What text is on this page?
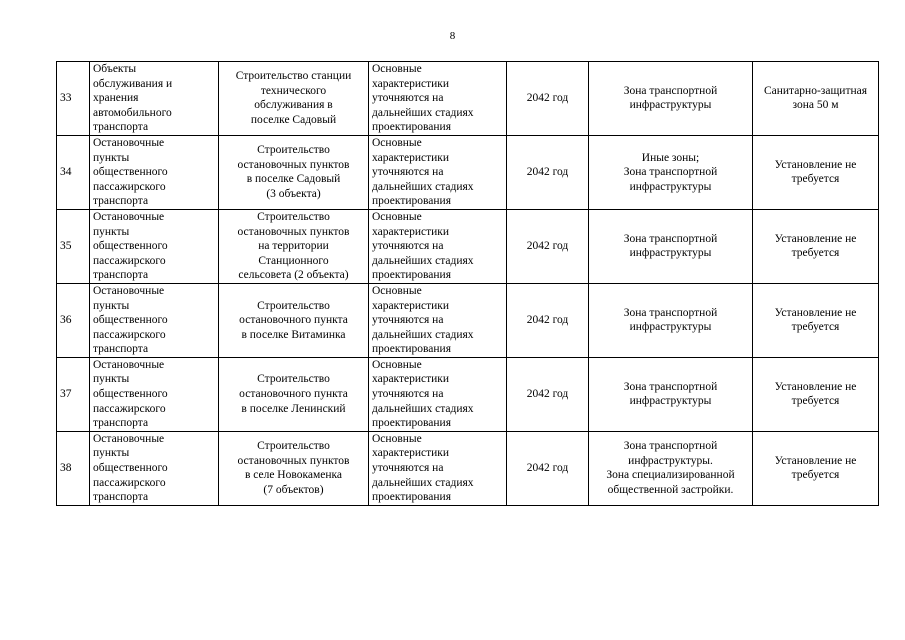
8
33	Объекты
обслуживания и
хранения
автомобильного
транспорта	Строительство станции
технического
обслуживания в
поселке Садовый	Основные
характеристики
уточняются на
дальнейших стадиях
проектирования	2042 год	Зона транспортной
инфраструктуры	Санитарно-защитная
зона 50 м

34	Остановочные
пункты
общественного
пассажирского
транспорта	Строительство
остановочных пунктов
в поселке Садовый
(3 объекта)	Основные
характеристики
уточняются на
дальнейших стадиях
проектирования	2042 год	Иные зоны;
Зона транспортной
инфраструктуры	Установление не
требуется

35	Остановочные
пункты
общественного
пассажирского
транспорта	Строительство
остановочных пунктов
на территории
Станционного
сельсовета (2 объекта)	Основные
характеристики
уточняются на
дальнейших стадиях
проектирования	2042 год	Зона транспортной
инфраструктуры	Установление не
требуется

36	Остановочные
пункты
общественного
пассажирского
транспорта	Строительство
остановочного пункта
в поселке Витаминка	Основные
характеристики
уточняются на
дальнейших стадиях
проектирования	2042 год	Зона транспортной
инфраструктуры	Установление не
требуется

37	Остановочные
пункты
общественного
пассажирского
транспорта	Строительство
остановочного пункта
в поселке Ленинский	Основные
характеристики
уточняются на
дальнейших стадиях
проектирования	2042 год	Зона транспортной
инфраструктуры	Установление не
требуется

38	Остановочные
пункты
общественного
пассажирского
транспорта	Строительство
остановочных пунктов
в селе Новокаменка
(7 объектов)	Основные
характеристики
уточняются на
дальнейших стадиях
проектирования	2042 год	Зона транспортной
инфраструктуры.
Зона специализированной
общественной застройки.	Установление не
требуется
